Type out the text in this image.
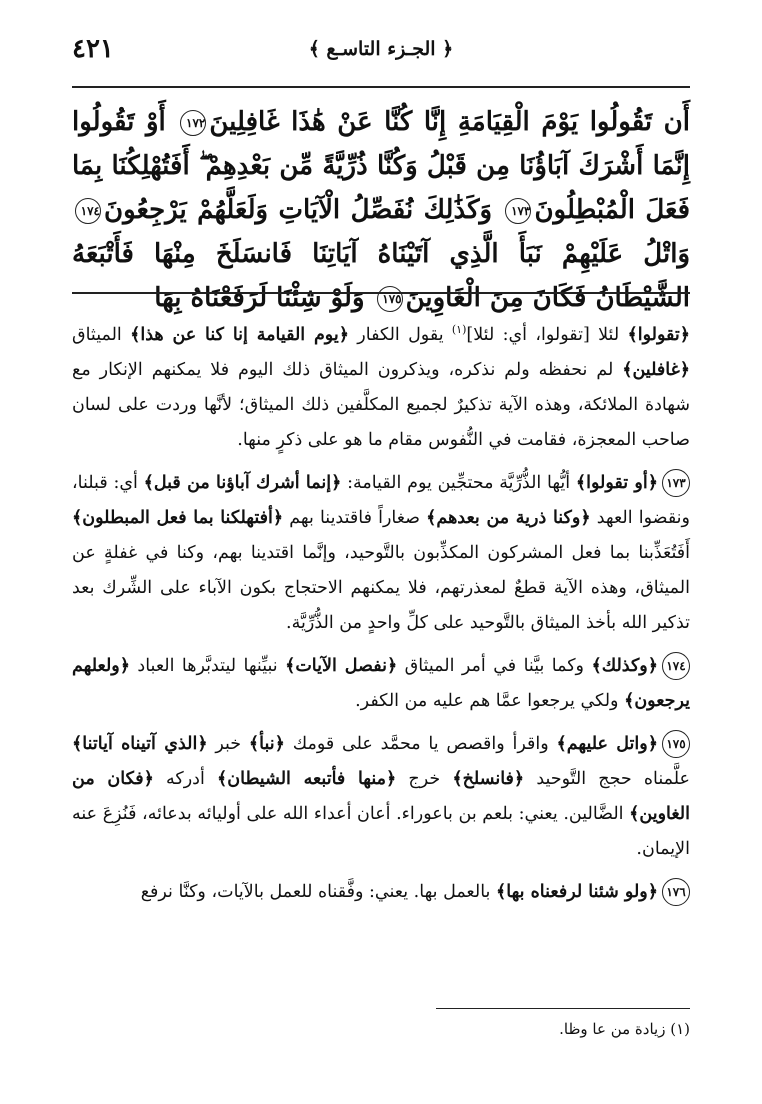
﴿ الجـزء التاسـع ﴾
٤٢١
أَن تَقُولُوا يَوْمَ الْقِيَامَةِ إِنَّا كُنَّا عَنْ هَٰذَا غَافِلِينَ١٧٢ أَوْ تَقُولُوا إِنَّمَا أَشْرَكَ آبَاؤُنَا مِن قَبْلُ وَكُنَّا ذُرِّيَّةً مِّن بَعْدِهِمْ ۖ أَفَتُهْلِكُنَا بِمَا فَعَلَ الْمُبْطِلُونَ١٧٣ وَكَذَٰلِكَ نُفَصِّلُ الْآيَاتِ وَلَعَلَّهُمْ يَرْجِعُونَ١٧٤ وَاتْلُ عَلَيْهِمْ نَبَأَ الَّذِي آتَيْنَاهُ آيَاتِنَا فَانسَلَخَ مِنْهَا فَأَتْبَعَهُ الشَّيْطَانُ فَكَانَ مِنَ الْغَاوِينَ١٧٥ وَلَوْ شِئْنَا لَرَفَعْنَاهُ بِهَا
﴿تقولوا﴾ لئلا [تقولوا، أي: لئلا]$^{(١)}$ يقول الكفار ﴿يوم القيامة إنا كنا عن هذا﴾ الميثاق ﴿غافلين﴾ لم نحفظه ولم نذكره، ويذكرون الميثاق ذلك اليوم فلا يمكنهم الإنكار مع شهادة الملائكة، وهذه الآية تذكيرٌ لجميع المكلَّفين ذلك الميثاق؛ لأنَّها وردت على لسان صاحب المعجزة، فقامت في النُّفوس مقام ما هو على ذكرٍ منها.
١٧٣﴿أو تقولوا﴾ أيُّها الذُّرِّيَّة محتجِّين يوم القيامة: ﴿إنما أشرك آباؤنا من قبل﴾ أي: قبلنا، ونقضوا العهد ﴿وكنا ذرية من بعدهم﴾ صغاراً فاقتدينا بهم ﴿أفتهلكنا بما فعل المبطلون﴾ أَفَتُعَذِّبنا بما فعل المشركون المكذِّبون بالتَّوحيد، وإنَّما اقتدينا بهم، وكنا في غفلةٍ عن الميثاق، وهذه الآية قطعٌ لمعذرتهم، فلا يمكنهم الاحتجاج بكون الآباء على الشِّرك بعد تذكير الله بأخذ الميثاق بالتَّوحيد على كلِّ واحدٍ من الذُّرِّيَّة.
١٧٤﴿وكذلك﴾ وكما بيَّنا في أمر الميثاق ﴿نفصل الآيات﴾ نبيِّنها ليتدبَّرها العباد ﴿ولعلهم يرجعون﴾ ولكي يرجعوا عمَّا هم عليه من الكفر.
١٧٥﴿واتل عليهم﴾ واقرأ واقصص يا محمَّد على قومك ﴿نبأ﴾ خبر ﴿الذي آتيناه آياتنا﴾ علَّمناه حجج التَّوحيد ﴿فانسلخ﴾ خرج ﴿منها فأتبعه الشيطان﴾ أدركه ﴿فكان من الغاوين﴾ الضَّالين. يعني: بلعم بن باعوراء. أعان أعداء الله على أوليائه بدعائه، فَنُزِعَ عنه الإيمان.
١٧٦﴿ولو شئنا لرفعناه بها﴾ بالعمل بها. يعني: وفَّقناه للعمل بالآيات، وكنَّا نرفع
(١) زيادة من عا وظا.
